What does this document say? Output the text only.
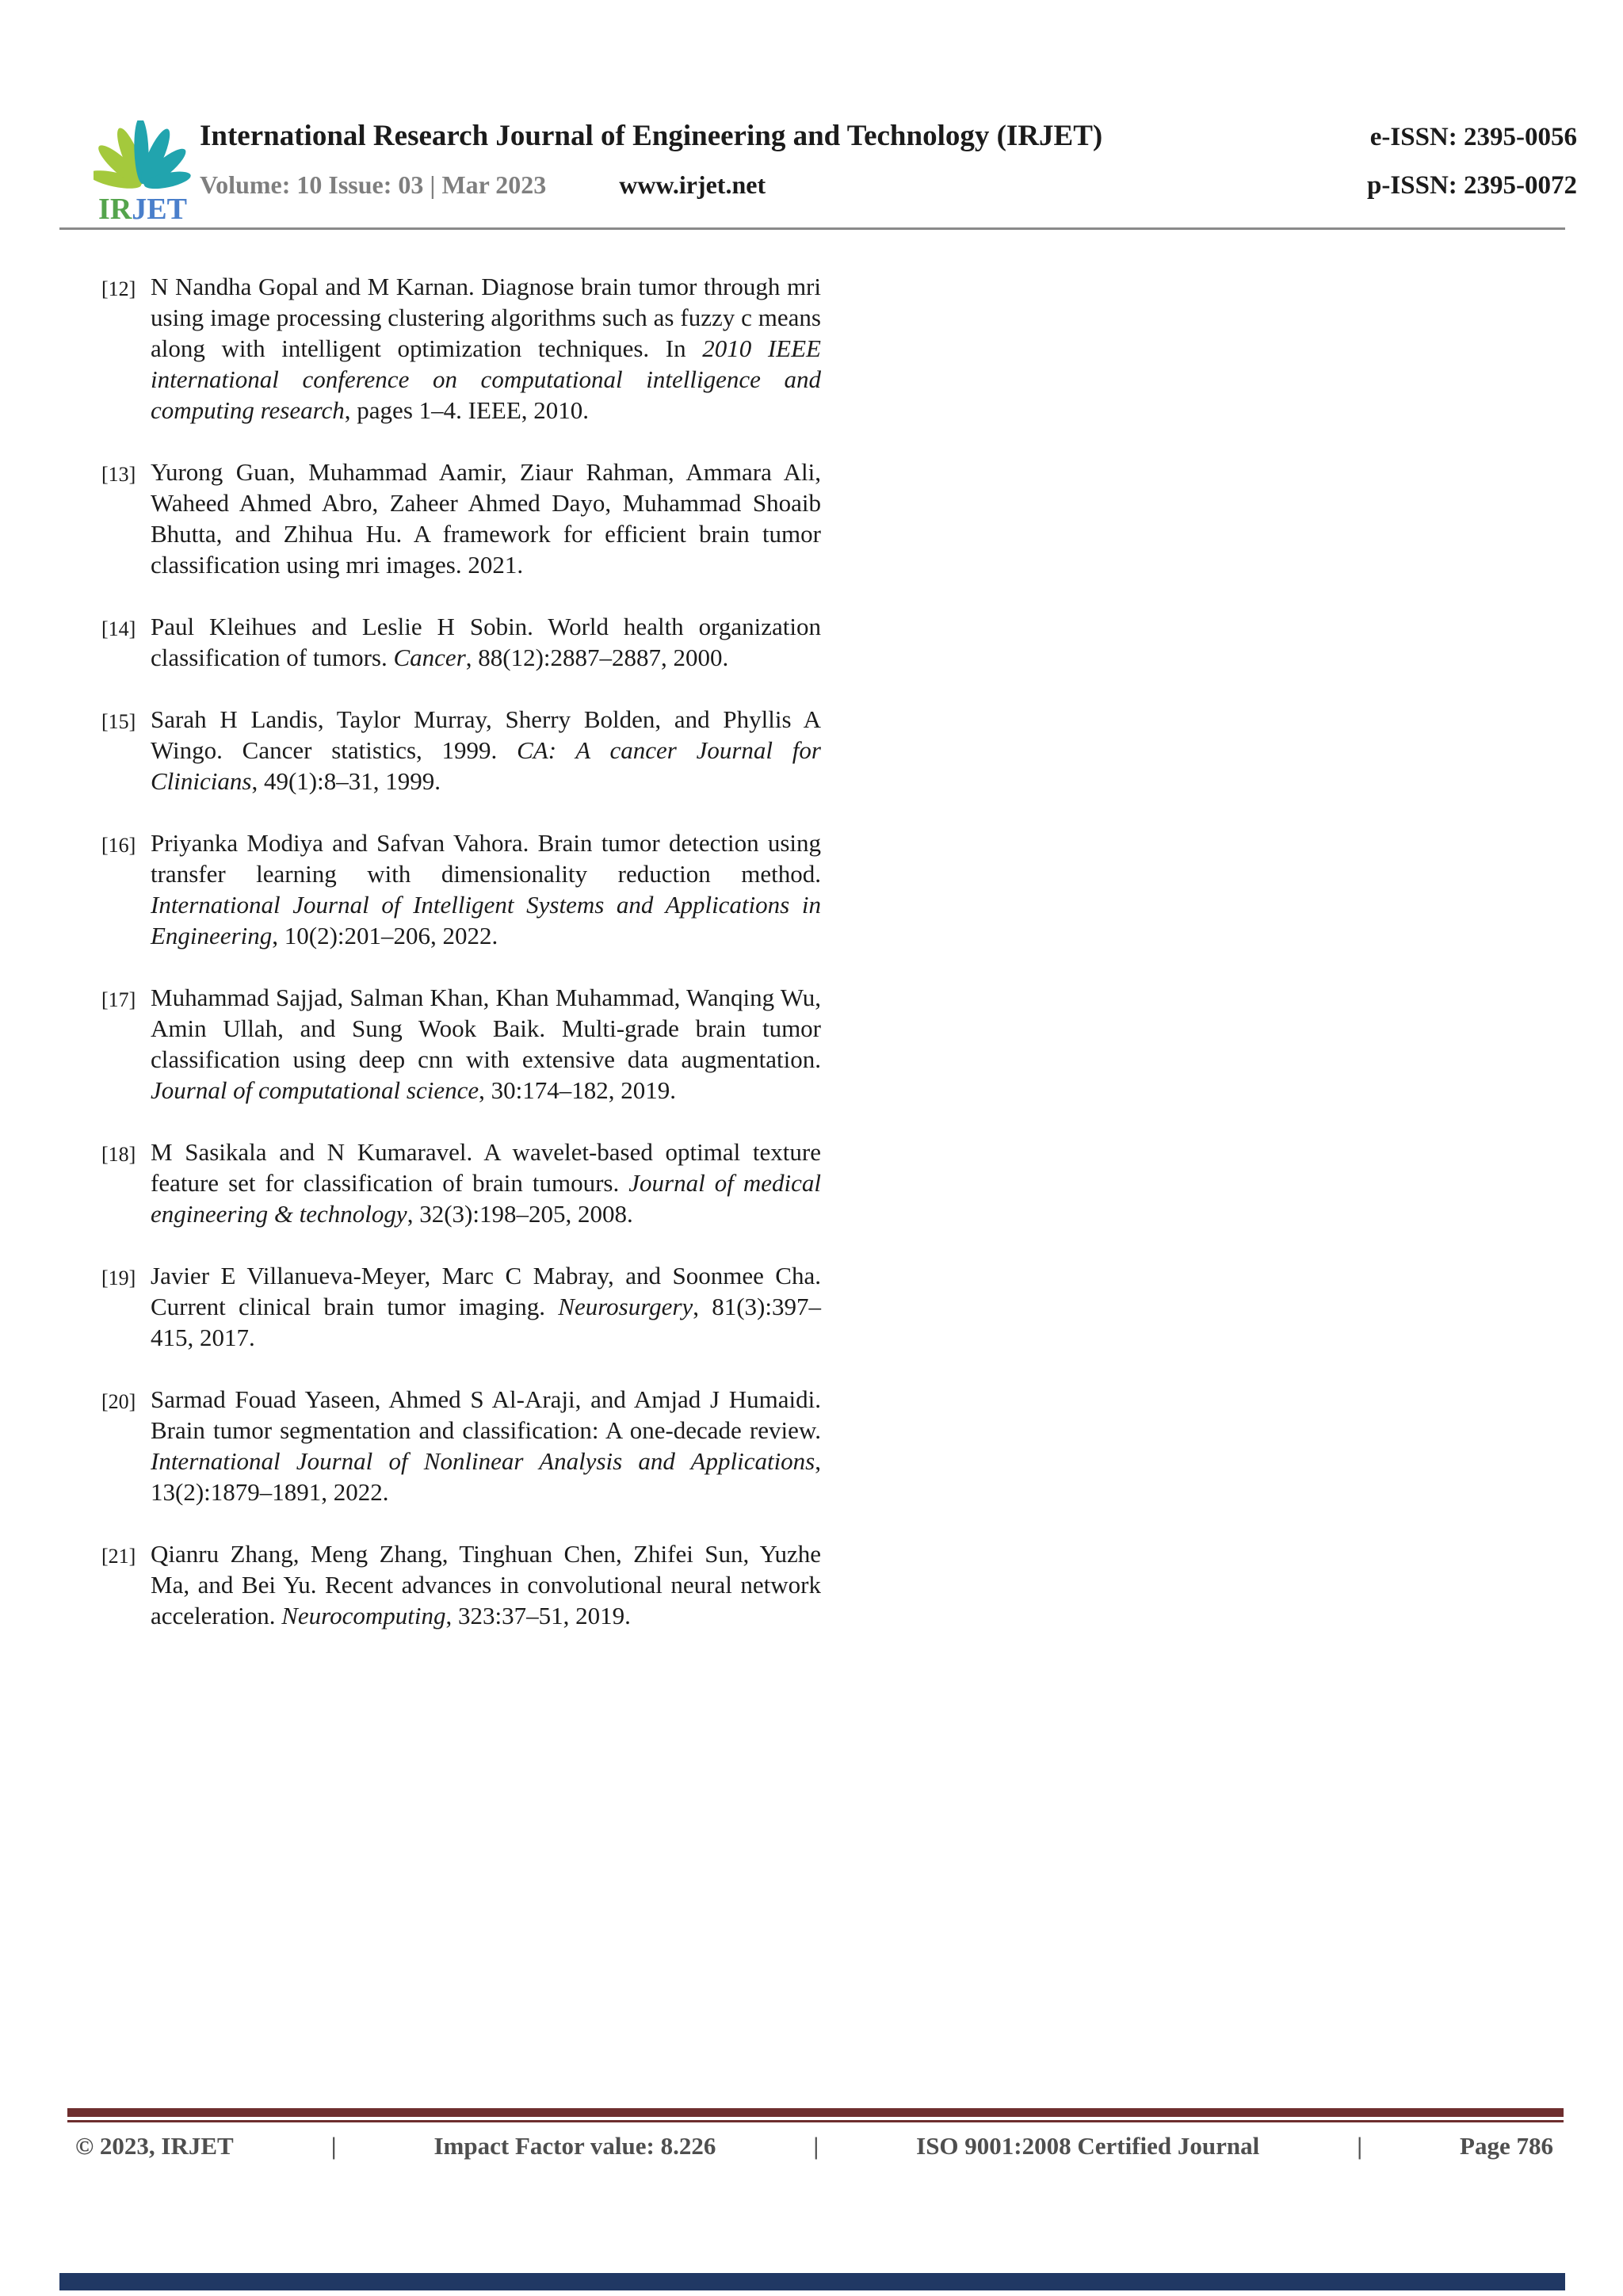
IRJET
International Research Journal of Engineering and Technology (IRJET)	e-ISSN: 2395-0056
Volume: 10 Issue: 03 | Mar 2023	www.irjet.net	p-ISSN: 2395-0072
[12] N Nandha Gopal and M Karnan. Diagnose brain tumor through mri using image processing clustering algorithms such as fuzzy c means along with intelligent optimization techniques. In 2010 IEEE international conference on computational intelligence and computing research, pages 1–4. IEEE, 2010.
[13] Yurong Guan, Muhammad Aamir, Ziaur Rahman, Ammara Ali, Waheed Ahmed Abro, Zaheer Ahmed Dayo, Muhammad Shoaib Bhutta, and Zhihua Hu. A framework for efficient brain tumor classification using mri images. 2021.
[14] Paul Kleihues and Leslie H Sobin. World health organization classification of tumors. Cancer, 88(12):2887–2887, 2000.
[15] Sarah H Landis, Taylor Murray, Sherry Bolden, and Phyllis A Wingo. Cancer statistics, 1999. CA: A cancer Journal for Clinicians, 49(1):8–31, 1999.
[16] Priyanka Modiya and Safvan Vahora. Brain tumor detection using transfer learning with dimensionality reduction method. International Journal of Intelligent Systems and Applications in Engineering, 10(2):201–206, 2022.
[17] Muhammad Sajjad, Salman Khan, Khan Muhammad, Wanqing Wu, Amin Ullah, and Sung Wook Baik. Multi-grade brain tumor classification using deep cnn with extensive data augmentation. Journal of computational science, 30:174–182, 2019.
[18] M Sasikala and N Kumaravel. A wavelet-based optimal texture feature set for classification of brain tumours. Journal of medical engineering & technology, 32(3):198–205, 2008.
[19] Javier E Villanueva-Meyer, Marc C Mabray, and Soonmee Cha. Current clinical brain tumor imaging. Neurosurgery, 81(3):397–415, 2017.
[20] Sarmad Fouad Yaseen, Ahmed S Al-Araji, and Amjad J Humaidi. Brain tumor segmentation and classification: A one-decade review. International Journal of Nonlinear Analysis and Applications, 13(2):1879–1891, 2022.
[21] Qianru Zhang, Meng Zhang, Tinghuan Chen, Zhifei Sun, Yuzhe Ma, and Bei Yu. Recent advances in convolutional neural network acceleration. Neurocomputing, 323:37–51, 2019.
© 2023, IRJET	|	Impact Factor value: 8.226	|	ISO 9001:2008 Certified Journal	|	Page 786
